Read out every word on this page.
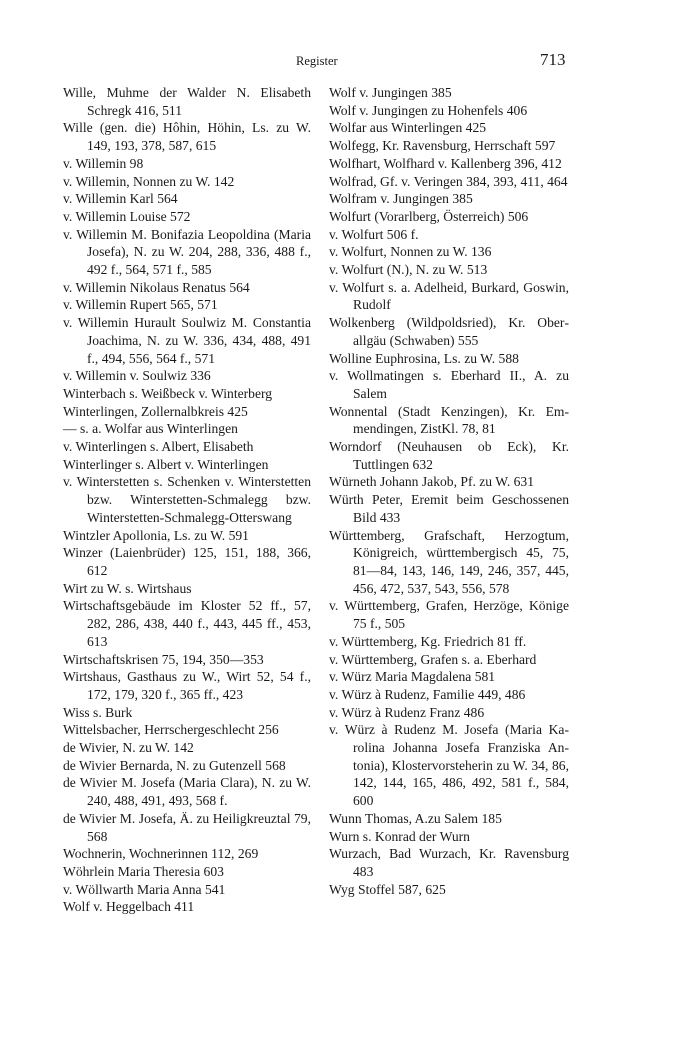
Register	713

Wille, Muhme der Walder N. Elisabeth Schregk 416, 511

Wille (gen. die) Hôhin, Höhin, Ls. zu W. 149, 193, 378, 587, 615

v. Willemin 98

v. Willemin, Nonnen zu W. 142

v. Willemin Karl 564

v. Willemin Louise 572

v. Willemin M. Bonifazia Leopoldina (Maria Josefa), N. zu W. 204, 288, 336, 488 f., 492 f., 564, 571 f., 585

v. Willemin Nikolaus Renatus 564

v. Willemin Rupert 565, 571

v. Willemin Hurault Soulwiz M. Constantia Joachima, N. zu W. 336, 434, 488, 491 f., 494, 556, 564 f., 571

v. Willemin v. Soulwiz 336

Winterbach s. Weißbeck v. Winterberg

Winterlingen, Zollernalbkreis 425

— s. a. Wolfar aus Winterlingen

v. Winterlingen s. Albert, Elisabeth

Winterlinger s. Albert v. Winterlingen

v. Winterstetten s. Schenken v. Winterstetten bzw. Winterstetten-Schmalegg bzw. Winterstetten-Schmalegg-Otterswang

Wintzler Apollonia, Ls. zu W. 591

Winzer (Laienbrüder) 125, 151, 188, 366, 612

Wirt zu W. s. Wirtshaus

Wirtschaftsgebäude im Kloster 52 ff., 57, 282, 286, 438, 440 f., 443, 445 ff., 453, 613

Wirtschaftskrisen 75, 194, 350—353

Wirtshaus, Gasthaus zu W., Wirt 52, 54 f., 172, 179, 320 f., 365 ff., 423

Wiss s. Burk

Wittelsbacher, Herrschergeschlecht 256

de Wivier, N. zu W. 142

de Wivier Bernarda, N. zu Gutenzell 568

de Wivier M. Josefa (Maria Clara), N. zu W. 240, 488, 491, 493, 568 f.

de Wivier M. Josefa, Ä. zu Heiligkreuztal 79, 568

Wochnerin, Wochnerinnen 112, 269

Wöhrlein Maria Theresia 603

v. Wöllwarth Maria Anna 541

Wolf v. Heggelbach 411

Wolf v. Jungingen 385

Wolf v. Jungingen zu Hohenfels 406

Wolfar aus Winterlingen 425

Wolfegg, Kr. Ravensburg, Herrschaft 597

Wolfhart, Wolfhard v. Kallenberg 396, 412

Wolfrad, Gf. v. Veringen 384, 393, 411, 464

Wolfram v. Jungingen 385

Wolfurt (Vorarlberg, Österreich) 506

v. Wolfurt 506 f.

v. Wolfurt, Nonnen zu W. 136

v. Wolfurt (N.), N. zu W. 513

v. Wolfurt s. a. Adelheid, Burkard, Goswin, Rudolf

Wolkenberg (Wildpoldsried), Kr. Oberallgäu (Schwaben) 555

Wolline Euphrosina, Ls. zu W. 588

v. Wollmatingen s. Eberhard II., A. zu Salem

Wonnental (Stadt Kenzingen), Kr. Emmendingen, ZistKl. 78, 81

Worndorf (Neuhausen ob Eck), Kr. Tuttlingen 632

Würneth Johann Jakob, Pf. zu W. 631

Würth Peter, Eremit beim Geschossenen Bild 433

Württemberg, Grafschaft, Herzogtum, Königreich, württembergisch 45, 75, 81—84, 143, 146, 149, 246, 357, 445, 456, 472, 537, 543, 556, 578

v. Württemberg, Grafen, Herzöge, Könige 75 f., 505

v. Württemberg, Kg. Friedrich 81 ff.

v. Württemberg, Grafen s. a. Eberhard

v. Würz Maria Magdalena 581

v. Würz à Rudenz, Familie 449, 486

v. Würz à Rudenz Franz 486

v. Würz à Rudenz M. Josefa (Maria Karolina Johanna Josefa Franziska Antonia), Klostervorsteherin zu W. 34, 86, 142, 144, 165, 486, 492, 581 f., 584, 600

Wunn Thomas, A.zu Salem 185

Wurn s. Konrad der Wurn

Wurzach, Bad Wurzach, Kr. Ravensburg 483

Wyg Stoffel 587, 625
